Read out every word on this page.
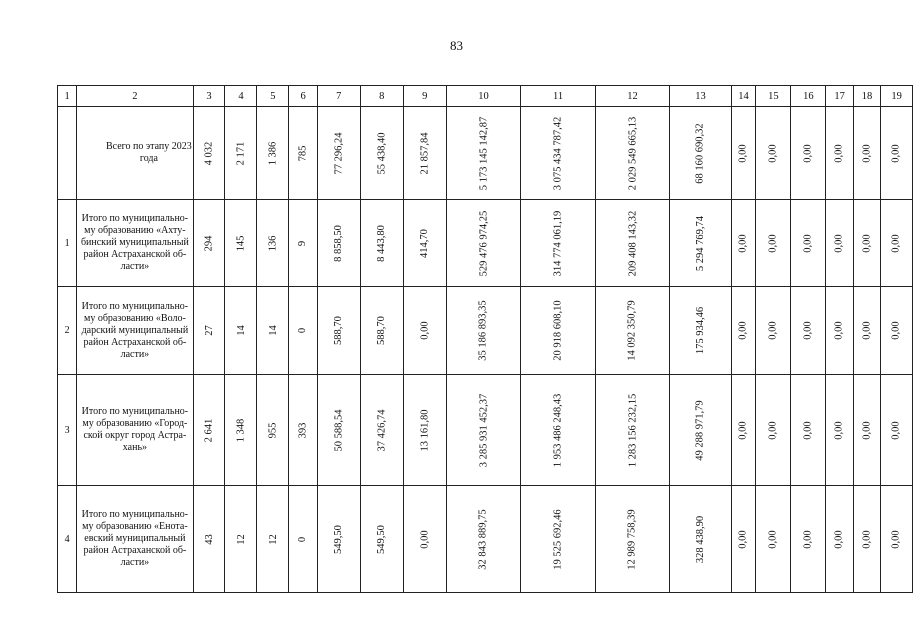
83
1	2	3	4	5	6	7	8	9	10	11	12	13	14	15	16	17	18	19
	Всего по этапу 2023 года	4 032	2 171	1 386	785	77 296,24	55 438,40	21 857,84	5 173 145 142,87	3 075 434 787,42	2 029 549 665,13	68 160 690,32	0,00	0,00	0,00	0,00	0,00	0,00
1	Итого по муниципально-му образованию «Ахту-бинский муниципальный район Астраханской об-ласти»	294	145	136	9	8 858,50	8 443,80	414,70	529 476 974,25	314 774 061,19	209 408 143,32	5 294 769,74	0,00	0,00	0,00	0,00	0,00	0,00
2	Итого по муниципально-му образованию «Воло-дарский муниципальный район Астраханской об-ласти»	27	14	14	0	588,70	588,70	0,00	35 186 893,35	20 918 608,10	14 092 350,79	175 934,46	0,00	0,00	0,00	0,00	0,00	0,00
3	Итого по муниципально-му образованию «Город-ской округ город Астра-хань»	2 641	1 348	955	393	50 588,54	37 426,74	13 161,80	3 285 931 452,37	1 953 486 248,43	1 283 156 232,15	49 288 971,79	0,00	0,00	0,00	0,00	0,00	0,00
4	Итого по муниципально-му образованию «Енота-евский муниципальный район Астраханской об-ласти»	43	12	12	0	549,50	549,50	0,00	32 843 889,75	19 525 692,46	12 989 758,39	328 438,90	0,00	0,00	0,00	0,00	0,00	0,00
